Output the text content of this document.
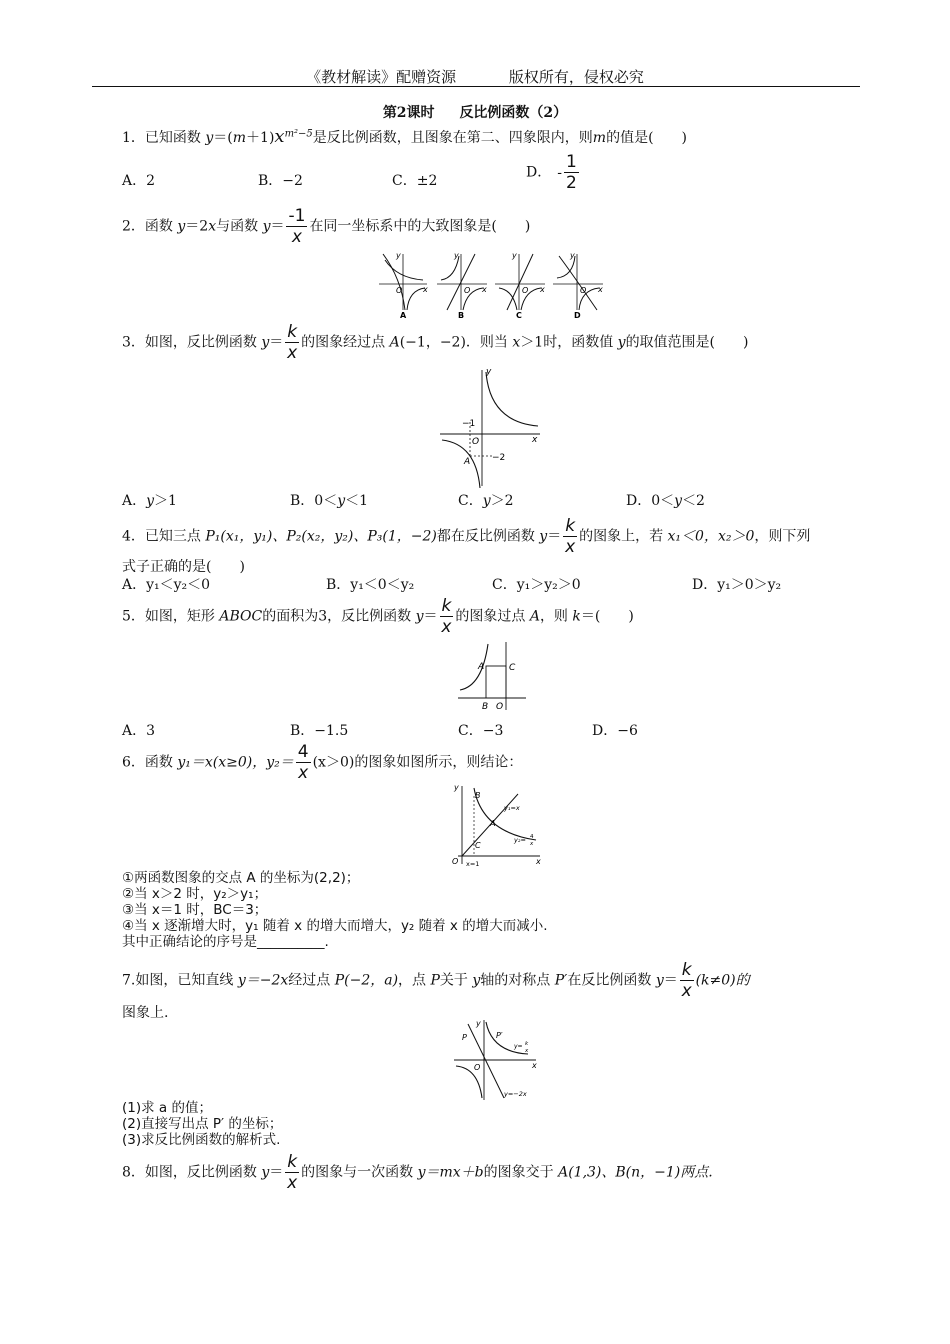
《教材解读》配赠资源	版权所有，侵权必究
第2课时 反比例函数（2）
1．已知函数 $y=(m+1)x^{m^2-5}$是反比例函数，且图象在第二、四象限内，则m的值是(　　)
A．2	B．−2	C．±2
D． - $\frac{1}{2}$
2．函数 y＝2x与函数 $y= \frac{-1}{x}$ 在同一坐标系中的大致图象是(　　)
y
x
O
A
y
x
O
B
y
x
O
C
y
x
O
D
3．如图，反比例函数 $y= \frac{k}{x}$ 的图象经过点 A(−1，−2)．则当 x＞1时，函数值 y的取值范围是(　　)
y
x
O
−1
−2
A
A．y＞1	B．0＜y＜1	C．y＞2	D．0＜y＜2
4．已知三点 P₁(x₁，y₁)、P₂(x₂，y₂)、P₃(1，−2)都在反比例函数 $y= \frac{k}{x}$ 的图象上，若 x₁＜0，x₂＞0，则下列
式子正确的是(　　)
A．y₁＜y₂＜0	B．y₁＜0＜y₂	C．y₁＞y₂＞0	D．y₁＞0＞y₂
5．如图，矩形 ABOC的面积为3，反比例函数 $y= \frac{k}{x}$ 的图象过点 A，则 k＝(　　)
A	C
B O
A．3	B．−1.5	C．−3	D．−6
6．函数 y₁＝x(x≥0)，$y_2= \frac{4}{x} (x>0)$的图象如图所示，则结论：
y
x
O
B
A
C
y₁=x
y₂= 4
x
x=1
①两函数图象的交点 A 的坐标为(2,2)；
②当 x＞2 时，y₂＞y₁；
③当 x＝1 时，BC＝3；
④当 x 逐渐增大时，y₁ 随着 x 的增大而增大，y₂ 随着 x 的增大而减小.
其中正确结论的序号是__________.
7.如图，已知直线 y＝−2x经过点 P(−2，a)，点 P关于 y轴的对称点 P′在反比例函数 $y= \frac{k}{x} (k\ne 0)$的
图象上.
y
x
O
P	P′
y= k
x
y=−2x
(1)求 a 的值；
(2)直接写出点 P′ 的坐标；
(3)求反比例函数的解析式.
8．如图，反比例函数 $y= \frac{k}{x}$ 的图象与一次函数 y＝mx＋b的图象交于 A(1,3)、B(n，−1)两点.
